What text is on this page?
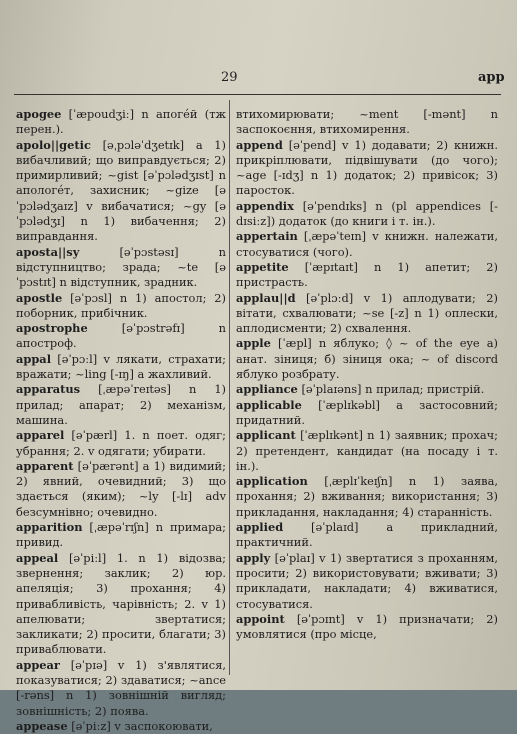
29	app

apogee [ˈæpoudʒiː] n апогéй (тж перен.).

apolo||getic [əˌpɔləˈdʒetɪk] a 1) вибачливий; що виправдується; 2) примирливий; ~gist [əˈpɔlədʒɪst] n апологéт, захисник; ~gize [əˈpɔlədʒaɪz] v вибачатися; ~gy [əˈpɔlədʒɪ] n 1) вибачення; 2) виправдання.

aposta||sy	[əˈpɔstəsɪ] n відступництво; зрада; ~te [əˈpɔstɪt] n відступник, зрадник.

apostle [əˈpɔsl] n 1) апостол; 2) поборник, прибічник.

apostrophe	[əˈpɔstrəfɪ] n апостроф.

appal [əˈpɔːl] v лякати, страхати; вражати; ~ling [-ɪŋ] a жахливий.

apparatus [ˌæpəˈreɪtəs] n 1) прилад; апарат; 2) механізм, машина.

apparel [əˈpærl] 1. n поет. одяг; убрання; 2. v одягати; убирати.

apparent [əˈpærənt] a 1) видимий; 2) явний, очевидний; 3) що здається (яким); ~ly [-lɪ] adv безсумнівно; очевидно.

apparition [ˌæpəˈrɪʃn] n примара; привид.

appeal [əˈpiːl] 1. n 1) відозва; звернення; заклик; 2) юр. апеляція; 3) прохання; 4) привабливість, чарівність; 2. v 1) апелювати; звертатися; закликати; 2) просити, благати; 3) приваблювати.

appear [əˈpɪə] v 1) з'являтися, показуватися; 2) здаватися; ~ance [-rəns] n 1) зовнішній вигляд; зовнішність; 2) поява.

appease [əˈpiːz] v заспокоювати,

втихомирювати; ~ment [-mənt] n заспокоєння, втихомирення.

append [əˈpend] v 1) додавати; 2) книжн. прикріплювати, підвішувати (до чого); ~age [-ɪdʒ] n 1) додаток; 2) привісок; 3) паросток.

appendix [əˈpendɪks] n (pl appendices [-dɪsiːz]) додаток (до книги і т. ін.).

appertain [ˌæpəˈteɪn] v книжн. належати, стосуватися (чого).

appetite [ˈæpɪtaɪt] n 1) апетит; 2) пристрасть.

applau||d [əˈplɔːd] v 1) аплодувати; 2) вітати, схвалювати; ~se [-z] n 1) оплески, аплодисменти; 2) схвалення.

apple [ˈæpl] n яблуко; ◊ ~ of the eye a) анат. зіниця; б) зіниця ока; ~ of discord яблуко розбрату.

appliance [əˈplaɪəns] n прилад; пристрій.

applicable [ˈæplɪkəbl] a застосовний; придатний.

applicant [ˈæplɪkənt] n 1) заявник; прохач; 2) претендент, кандидат (на посаду і т. ін.).

application [ˌæplɪˈkeɪʃn] n 1) заява, прохання; 2) вживання; використання; 3) прикладання, накладання; 4) старанність.

applied [əˈplaɪd] a прикладний, практичний.

apply [əˈplaɪ] v 1) звертатися з проханням, просити; 2) використовувати; вживати; 3) прикладати, накладати; 4) вживатися, стосуватися.

appoint [əˈpɔɪnt] v 1) призначати; 2) умовлятися (про місце,
